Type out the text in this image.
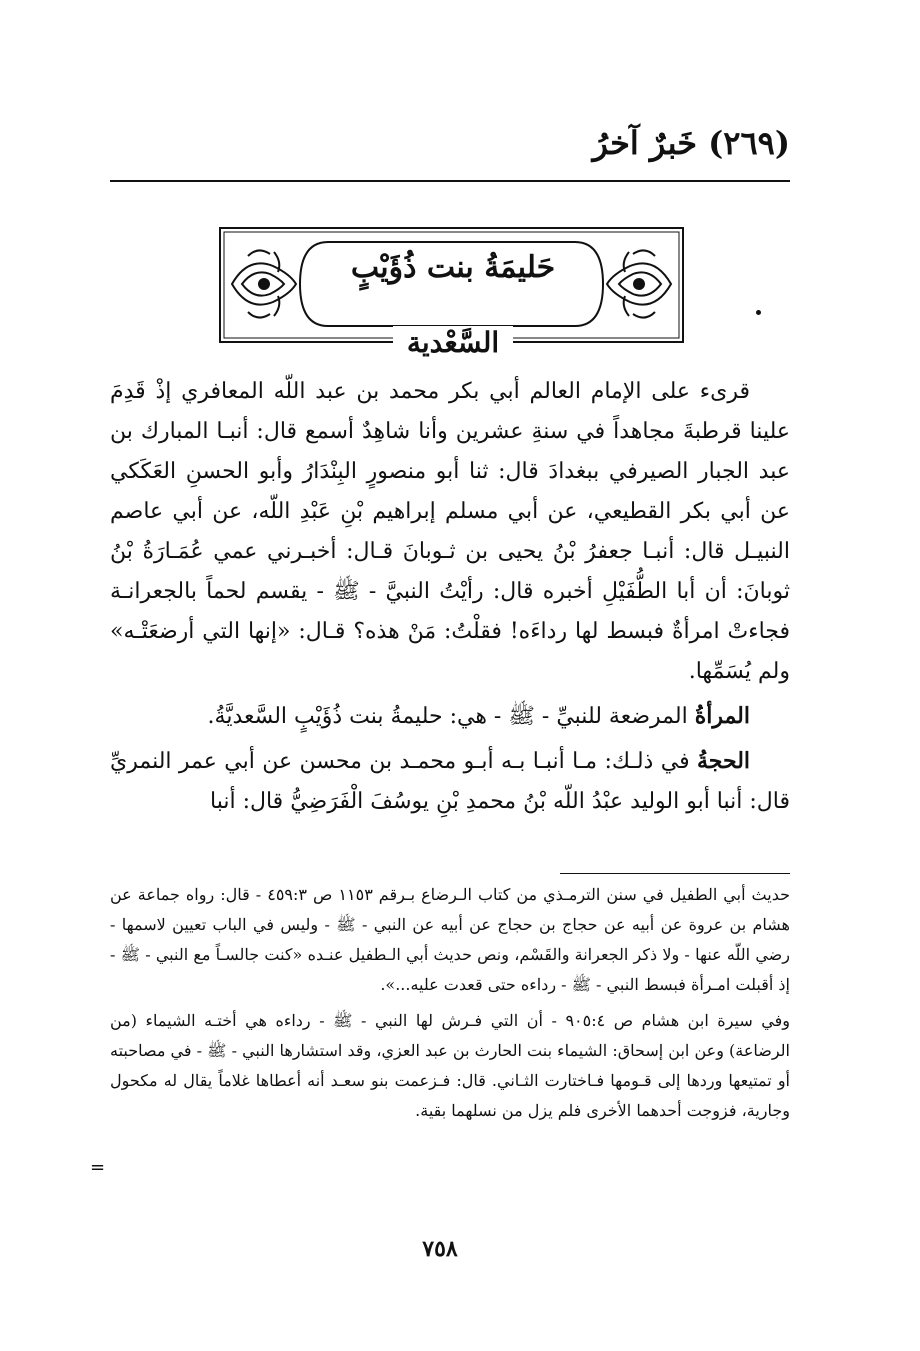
(٢٦٩) خَبرٌ آخرُ
حَليمَةُ بنت ذُؤَيْبٍ
السَّعْدية

قرىء على الإمام العالم أبي بكر محمد بن عبد اللّه المعافري إذْ قَدِمَ علينا قرطبةَ مجاهداً في سنةِ عشرين وأنا شاهِدٌ أسمع قال: أنبـا المبارك بن عبد الجبار الصيرفي ببغدادَ قال: ثنا أبو منصورٍ البِنْدَارُ وأبو الحسنِ العَكَكي عن أبي بكر القطيعي، عن أبي مسلم إبراهيم بْنِ عَبْدِ اللّه، عن أبي عاصم النبيـل قال: أنبـا جعفرُ بْنُ يحيى بن ثـوبانَ قـال: أخبـرني عمي عُمَـارَةُ بْنُ ثوبانَ: أن أبا الطُّفَيْلِ أخبره قال: رأيْتُ النبيَّ - ﷺ - يقسم لحماً بالجعرانـة فجاءتْ امرأةٌ فبسط لها رداءَه! فقلْتُ: مَنْ هذه؟ قـال: «إنها التي أرضعَتْـه» ولم يُسَمِّها.

المرأةُ المرضعة للنبيِّ - ﷺ - هي: حليمةُ بنت ذُؤَيْبٍ السَّعديَّةُ.

الحجةُ في ذلـك: مـا أنبـا بـه أبـو محمـد بن محسن عن أبي عمر النمريِّ قال: أنبا أبو الوليد عبْدُ اللّه بْنُ محمدِ بْنِ يوسُفَ الْفَرَضِيُّ قال: أنبا

حديث أبي الطفيل في سنن الترمـذي من كتاب الـرضاع بـرقم ١١٥٣ ص ٤٥٩:٣ - قال: رواه جماعة عن هشام بن عروة عن أبيه عن حجاج بن حجاج عن أبيه عن النبي - ﷺ - وليس في الباب تعيين لاسمها - رضي اللّه عنها - ولا ذكر الجعرانة والقَسْم، ونص حديث أبي الـطفيل عنـده «كنت جالسـاً مع النبي - ﷺ - إذ أقبلت امـرأة فبسط النبي - ﷺ - رداءه حتى قعدت عليه...».

وفي سيرة ابن هشام ص ٩٠٥:٤ - أن التي فـرش لها النبي - ﷺ - رداءه هي أختـه الشيماء (من الرضاعة) وعن ابن إسحاق: الشيماء بنت الحارث بن عبد العزي، وقد استشارها النبي - ﷺ - في مصاحبته أو تمتيعها وردها إلى قـومها فـاختارت الثـاني. قال: فـزعمت بنو سعـد أنه أعطاها غلاماً يقال له مكحول وجارية، فزوجت أحدهما الأخرى فلم يزل من نسلهما بقية.

=
٧٥٨
